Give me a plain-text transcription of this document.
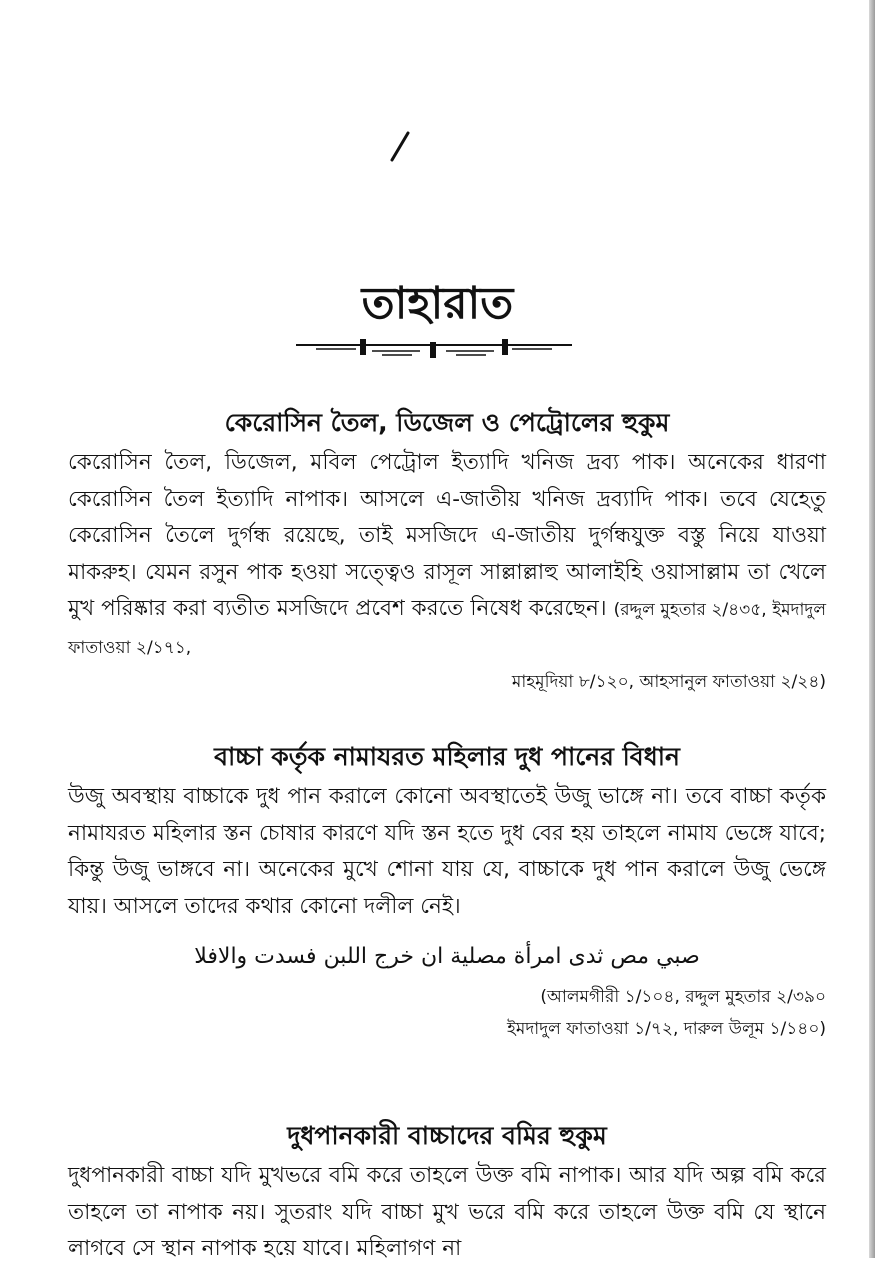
তাহারাত
কেরোসিন তৈল, ডিজেল ও পেট্রোলের হুকুম

কেরোসিন তৈল, ডিজেল, মবিল পেট্রোল ইত্যাদি খনিজ দ্রব্য পাক। অনেকের ধারণা কেরোসিন তৈল ইত্যাদি নাপাক। আসলে এ-জাতীয় খনিজ দ্রব্যাদি পাক। তবে যেহেতু কেরোসিন তৈলে দুর্গন্ধ রয়েছে, তাই মসজিদে এ-জাতীয় দুর্গন্ধযুক্ত বস্তু নিয়ে যাওয়া মাকরুহ। যেমন রসুন পাক হওয়া সত্ত্বেও রাসূল সাল্লাল্লাহু আলাইহি ওয়াসাল্লাম তা খেলে মুখ পরিষ্কার করা ব্যতীত মসজিদে প্রবেশ করতে নিষেধ করেছেন। (রদ্দুল মুহতার ২/৪৩৫, ইমদাদুল ফাতাওয়া ২/১৭১,

মাহমূদিয়া ৮/১২০, আহসানুল ফাতাওয়া ২/২৪)

বাচ্চা কর্তৃক নামাযরত মহিলার দুধ পানের বিধান

উজু অবস্থায় বাচ্চাকে দুধ পান করালে কোনো অবস্থাতেই উজু ভাঙ্গে না। তবে বাচ্চা কর্তৃক নামাযরত মহিলার স্তন চোষার কারণে যদি স্তন হতে দুধ বের হয় তাহলে নামায ভেঙ্গে যাবে; কিন্তু উজু ভাঙ্গবে না। অনেকের মুখে শোনা যায় যে, বাচ্চাকে দুধ পান করালে উজু ভেঙ্গে যায়। আসলে তাদের কথার কোনো দলীল নেই।

صبي مص ثدى امرأة مصلية ان خرج اللبن فسدت والافلا

(আলমগীরী ১/১০৪, রদ্দুল মুহতার ২/৩৯০

ইমদাদুল ফাতাওয়া ১/৭২, দারুল উলূম ১/১৪০)

দুধপানকারী বাচ্চাদের বমির হুকুম

দুধপানকারী বাচ্চা যদি মুখভরে বমি করে তাহলে উক্ত বমি নাপাক। আর যদি অল্প বমি করে তাহলে তা নাপাক নয়। সুতরাং যদি বাচ্চা মুখ ভরে বমি করে তাহলে উক্ত বমি যে স্থানে লাগবে সে স্থান নাপাক হয়ে যাবে। মহিলাগণ না
